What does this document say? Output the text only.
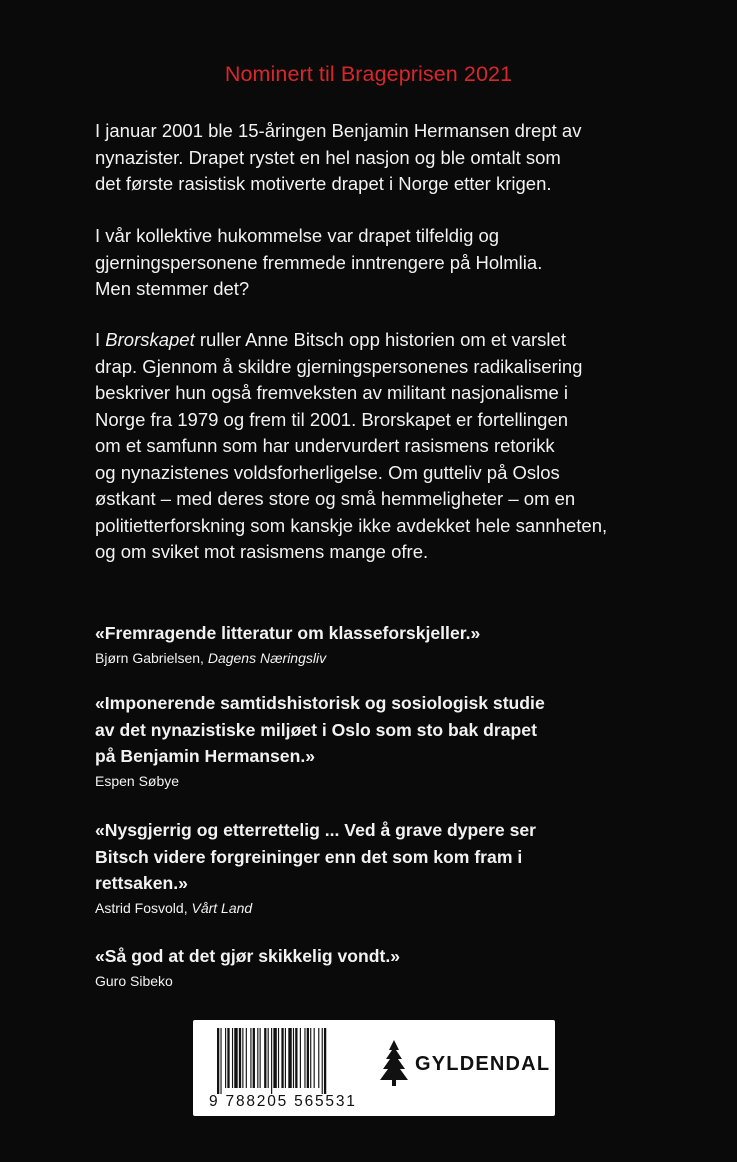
Nominert til Brageprisen 2021

I januar 2001 ble 15-åringen Benjamin Hermansen drept av

nynazister. Drapet rystet en hel nasjon og ble omtalt som

det første rasistisk motiverte drapet i Norge etter krigen.

I vår kollektive hukommelse var drapet tilfeldig og

gjerningspersonene fremmede inntrengere på Holmlia.

Men stemmer det?

I Brorskapet ruller Anne Bitsch opp historien om et varslet

drap. Gjennom å skildre gjerningspersonenes radikalisering

beskriver hun også fremveksten av militant nasjonalisme i

Norge fra 1979 og frem til 2001. Brorskapet er fortellingen

om et samfunn som har undervurdert rasismens retorikk

og nynazistenes voldsforherligelse. Om gutteliv på Oslos

østkant – med deres store og små hemmeligheter – om en

politietterforskning som kanskje ikke avdekket hele sannheten,

og om sviket mot rasismens mange ofre.

«Fremragende litteratur om klasseforskjeller.»

Bjørn Gabrielsen, Dagens Næringsliv

«Imponerende samtidshistorisk og sosiologisk studie

av det nynazistiske miljøet i Oslo som sto bak drapet

på Benjamin Hermansen.»

Espen Søbye

«Nysgjerrig og etterrettelig ... Ved å grave dypere ser

Bitsch videre forgreininger enn det som kom fram i

rettsaken.»

Astrid Fosvold, Vårt Land

«Så god at det gjør skikkelig vondt.»

Guro Sibeko
9 788205 565531
GYLDENDAL
